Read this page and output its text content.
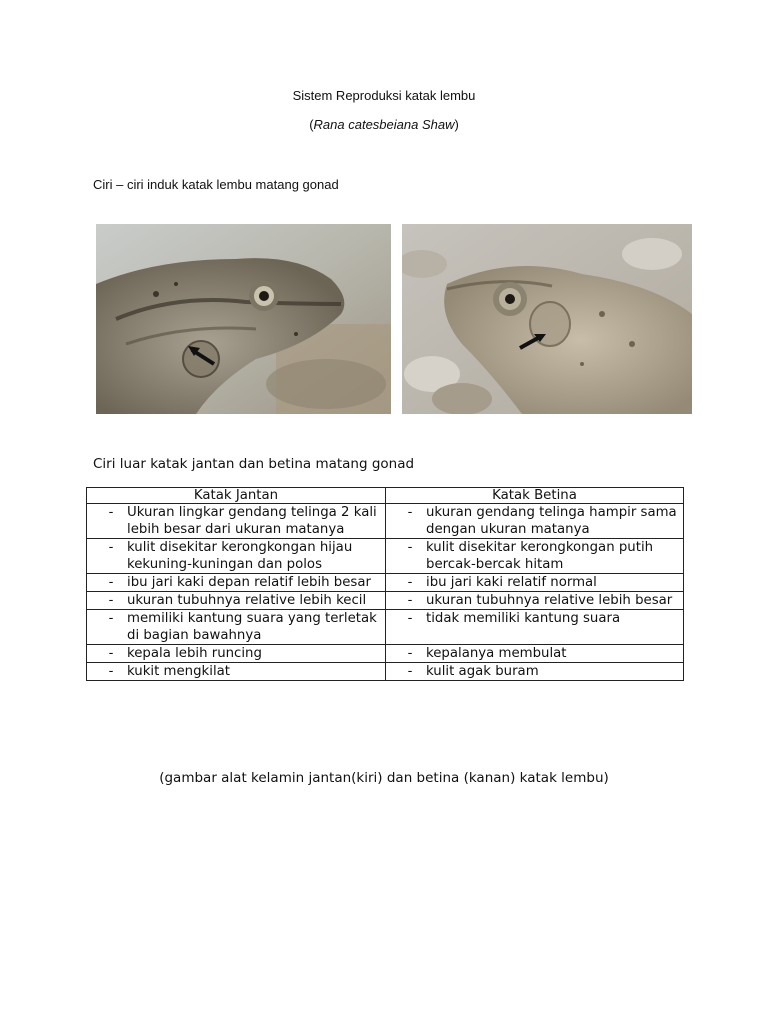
Sistem Reproduksi katak lembu
(Rana catesbeiana Shaw)
Ciri – ciri induk katak lembu matang gonad
Ciri luar katak jantan dan betina matang gonad
Katak Jantan	Katak Betina

- Ukuran lingkar gendang telinga 2 kali lebih besar dari ukuran matanya	- ukuran gendang telinga hampir sama dengan ukuran matanya

- kulit disekitar kerongkongan hijau kekuning-kuningan dan polos	- kulit disekitar kerongkongan putih bercak-bercak hitam

- ibu jari kaki depan relatif lebih besar	- ibu jari kaki relatif normal

- ukuran tubuhnya relative lebih kecil	- ukuran tubuhnya relative lebih besar

- memiliki kantung suara yang terletak di bagian bawahnya	- tidak memiliki kantung suara

- kepala lebih runcing	- kepalanya membulat

- kukit mengkilat	- kulit agak buram
(gambar alat kelamin jantan(kiri) dan betina (kanan) katak lembu)
